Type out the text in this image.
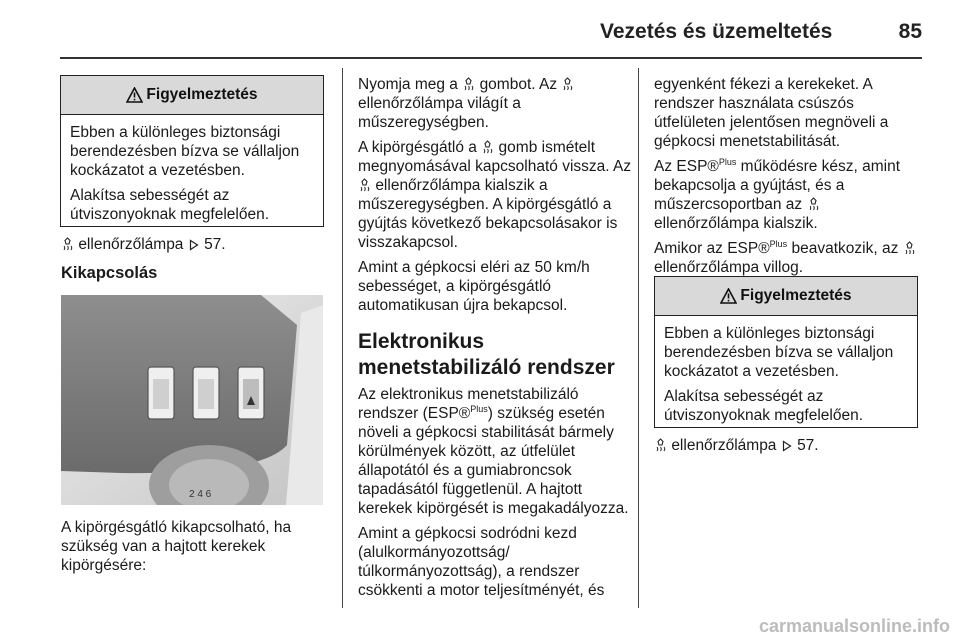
Vezetés és üzemeltetés	85
Figyelmeztetés

Ebben a különleges biztonsági berendezésben bízva se vállaljon kockázatot a vezetésben.

Alakítsa sebességét az útviszonyoknak megfelelően.

ellenőrzőlámpa 57.

Kikapcsolás

2 4 6
A kipörgésgátló kikapcsolható, ha szükség van a hajtott kerekek kipörgésére:

Nyomja meg a gombot. Az  ellenőrzőlámpa világít a műszeregységben.

A kipörgésgátló a gomb ismételt megnyomásával kapcsolható vissza. Az  ellenőrzőlámpa kialszik a műszeregységben. A kipörgésgátló a gyújtás következő bekapcsolásakor is visszakapcsol.

Amint a gépkocsi eléri az 50 km/h sebességet, a kipörgésgátló automatikusan újra bekapcsol.

Elektronikus menetstabilizáló rendszer

Az elektronikus menetstabilizáló rendszer (ESP®$^{Plus}$) szükség esetén növeli a gépkocsi stabilitását bármely körülmények között, az útfelület állapotától és a gumiabroncsok tapadásától függetlenül. A hajtott kerekek kipörgését is megakadályozza.

Amint a gépkocsi sodródni kezd (alulkormányozottság/ túlkormányozottság), a rendszer csökkenti a motor teljesítményét, és

egyenként fékezi a kerekeket. A rendszer használata csúszós útfelületen jelentősen megnöveli a gépkocsi menetstabilitását.

Az ESP®$^{Plus}$ működésre kész, amint bekapcsolja a gyújtást, és a műszercsoportban az  ellenőrzőlámpa kialszik.

Amikor az ESP®$^{Plus}$ beavatkozik, az  ellenőrzőlámpa villog.

Figyelmeztetés

Ebben a különleges biztonsági berendezésben bízva se vállaljon kockázatot a vezetésben.

Alakítsa sebességét az útviszonyoknak megfelelően.

ellenőrzőlámpa 57.

carmanualsonline.info
